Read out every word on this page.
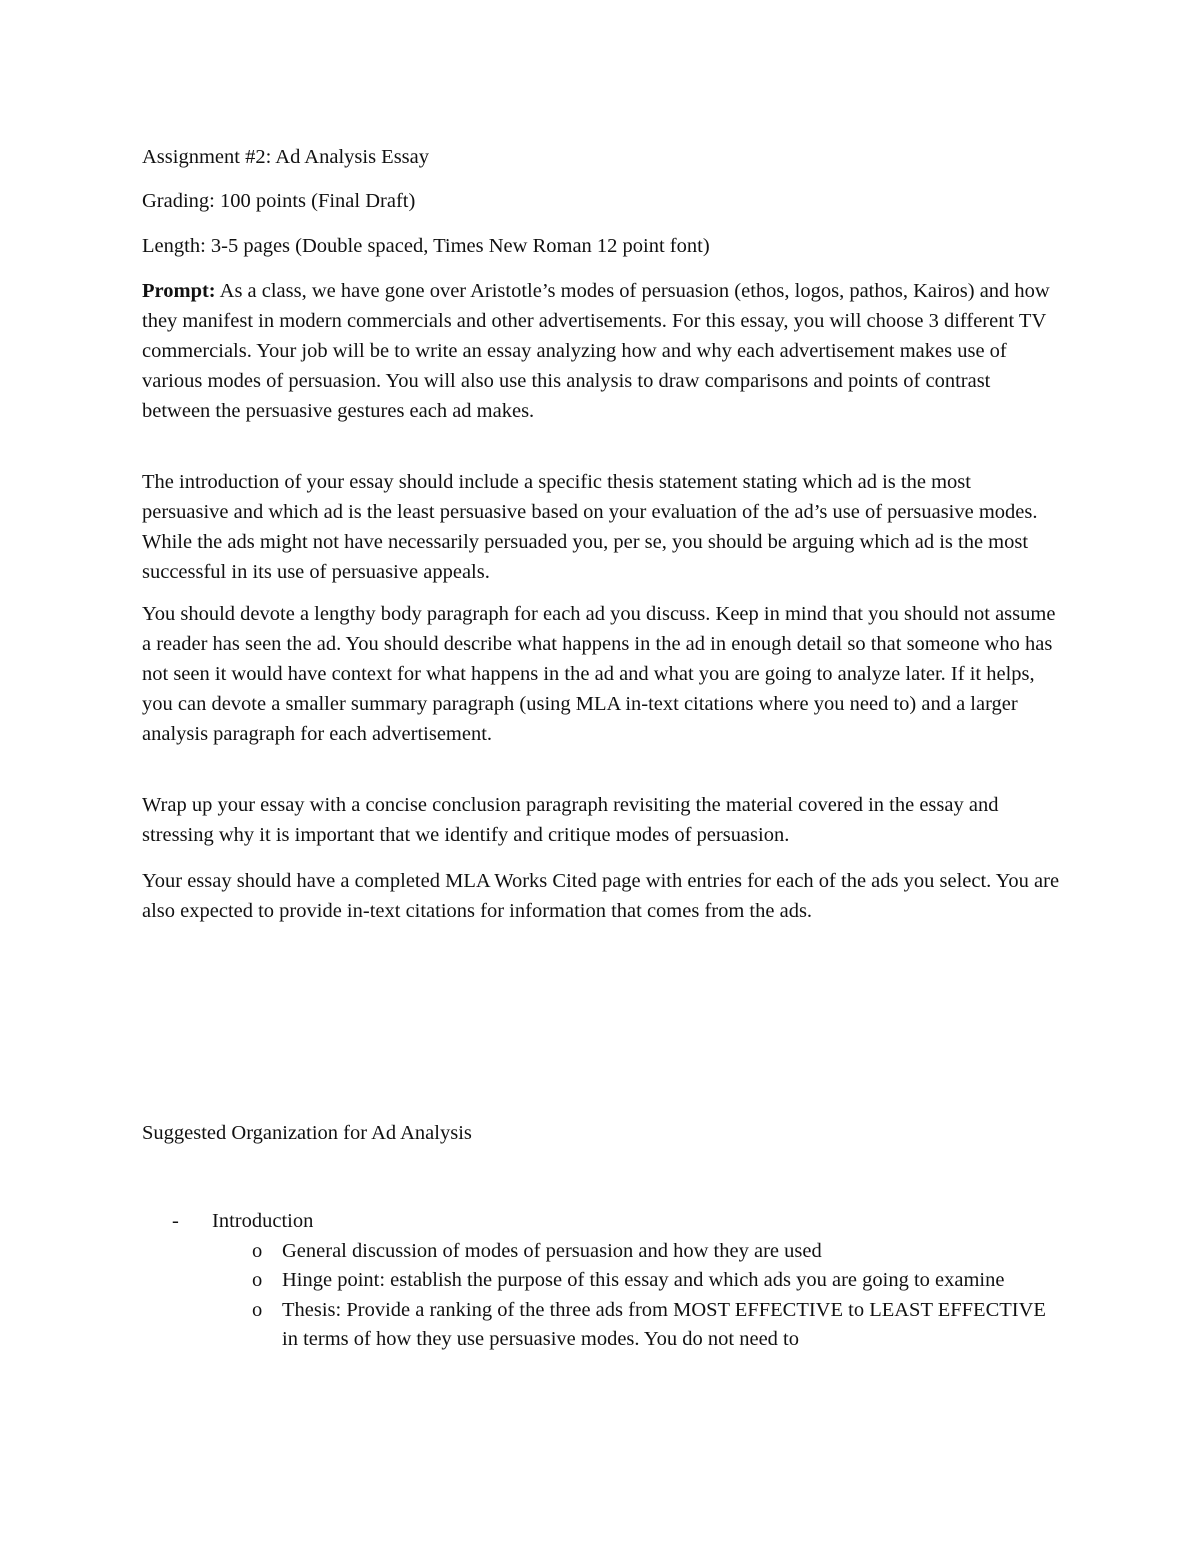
Assignment #2: Ad Analysis Essay

Grading: 100 points (Final Draft)

Length: 3-5 pages (Double spaced, Times New Roman 12 point font)

Prompt: As a class, we have gone over Aristotle’s modes of persuasion (ethos, logos, pathos, Kairos) and how they manifest in modern commercials and other advertisements. For this essay, you will choose 3 different TV commercials. Your job will be to write an essay analyzing how and why each advertisement makes use of various modes of persuasion. You will also use this analysis to draw comparisons and points of contrast between the persuasive gestures each ad makes.

The introduction of your essay should include a specific thesis statement stating which ad is the most persuasive and which ad is the least persuasive based on your evaluation of the ad’s use of persuasive modes. While the ads might not have necessarily persuaded you, per se, you should be arguing which ad is the most successful in its use of persuasive appeals.

You should devote a lengthy body paragraph for each ad you discuss. Keep in mind that you should not assume a reader has seen the ad. You should describe what happens in the ad in enough detail so that someone who has not seen it would have context for what happens in the ad and what you are going to analyze later. If it helps, you can devote a smaller summary paragraph (using MLA in-text citations where you need to) and a larger analysis paragraph for each advertisement.

Wrap up your essay with a concise conclusion paragraph revisiting the material covered in the essay and stressing why it is important that we identify and critique modes of persuasion.

Your essay should have a completed MLA Works Cited page with entries for each of the ads you select. You are also expected to provide in-text citations for information that comes from the ads.

Suggested Organization for Ad Analysis

- Introduction
o General discussion of modes of persuasion and how they are used
o Hinge point: establish the purpose of this essay and which ads you are going to examine
o Thesis: Provide a ranking of the three ads from MOST EFFECTIVE to LEAST EFFECTIVE in terms of how they use persuasive modes. You do not need to
